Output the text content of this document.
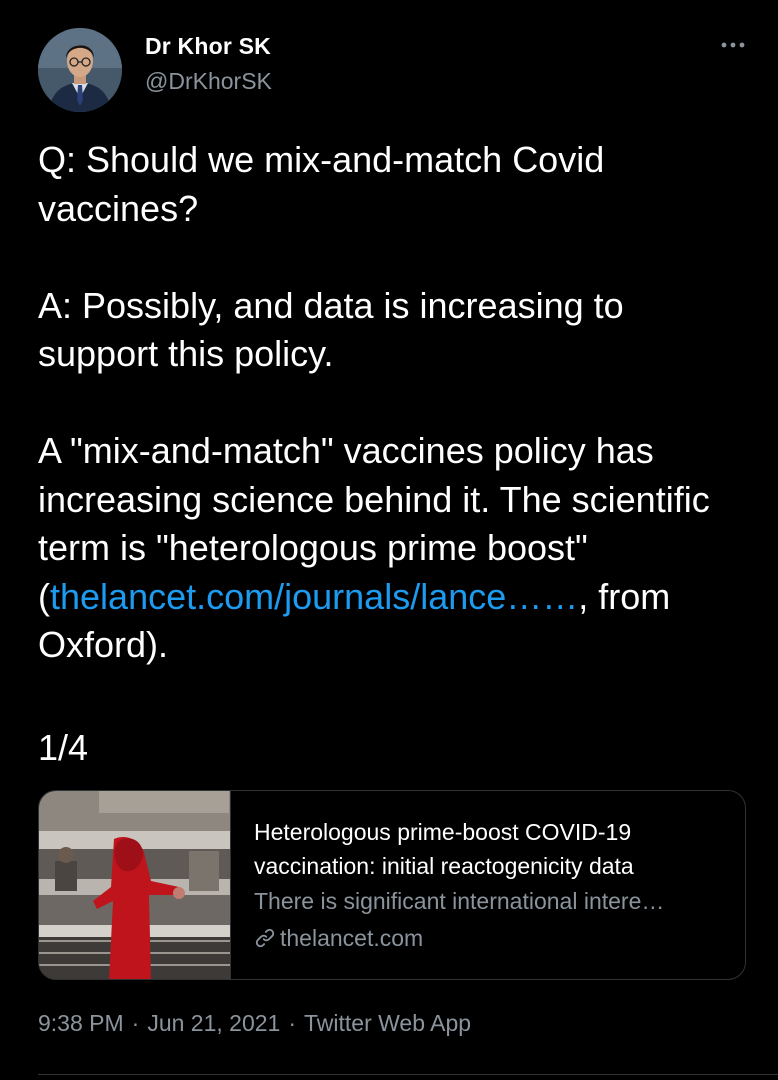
Dr Khor SK
@DrKhorSK

Q: Should we mix-and-match Covid vaccines?

A: Possibly, and data is increasing to support this policy.

A "mix-and-match" vaccines policy has increasing science behind it. The scientific term is "heterologous prime boost" (thelancet.com/journals/lance……, from Oxford).

1/4
Heterologous prime-boost COVID-19 vaccination: initial reactogenicity data
There is significant international intere…
thelancet.com
9:38 PM · Jun 21, 2021 · Twitter Web App
